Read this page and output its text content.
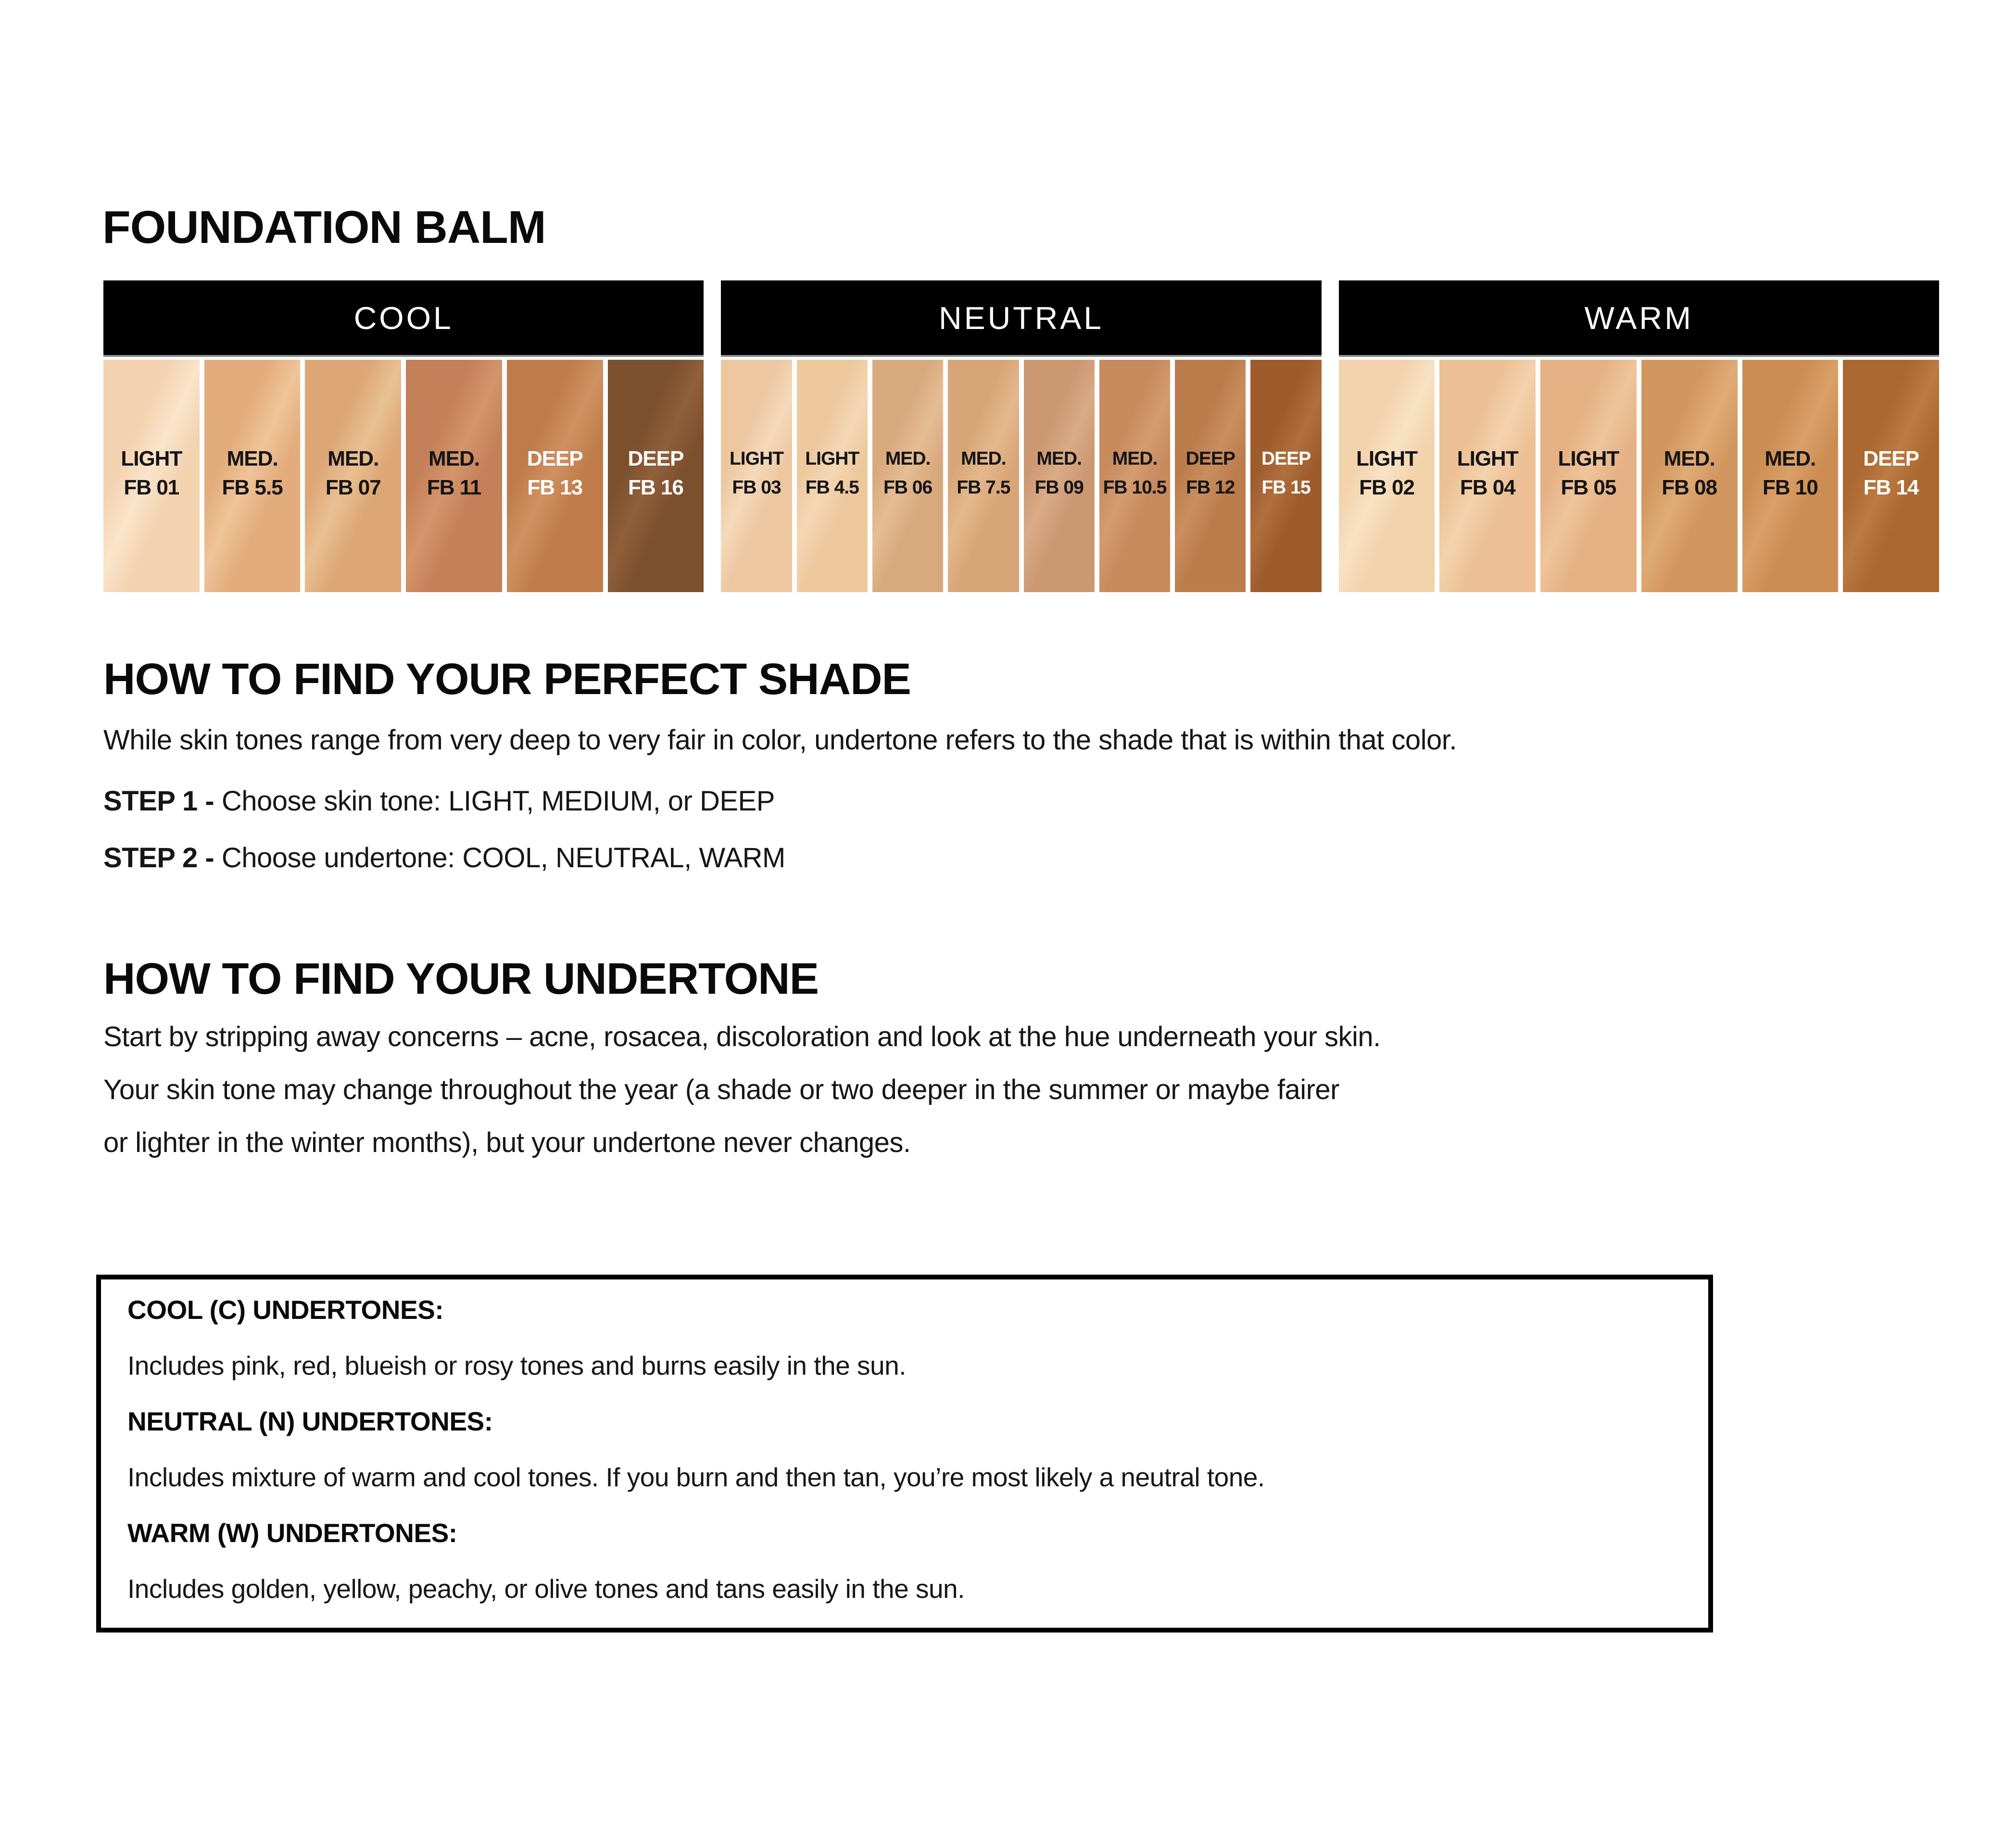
FOUNDATION BALM
COOL
LIGHT
FB 01
MED.
FB 5.5
MED.
FB 07
MED.
FB 11
DEEP
FB 13
DEEP
FB 16
NEUTRAL
LIGHT
FB 03
LIGHT
FB 4.5
MED.
FB 06
MED.
FB 7.5
MED.
FB 09
MED.
FB 10.5
DEEP
FB 12
DEEP
FB 15
WARM
LIGHT
FB 02
LIGHT
FB 04
LIGHT
FB 05
MED.
FB 08
MED.
FB 10
DEEP
FB 14
HOW TO FIND YOUR PERFECT SHADE

While skin tones range from very deep to very fair in color, undertone refers to the shade that is within that color.

STEP 1 - Choose skin tone: LIGHT, MEDIUM, or DEEP

STEP 2 - Choose undertone: COOL, NEUTRAL, WARM

HOW TO FIND YOUR UNDERTONE

Start by stripping away concerns – acne, rosacea, discoloration and look at the hue underneath your skin.

Your skin tone may change throughout the year (a shade or two deeper in the summer or maybe fairer

or lighter in the winter months), but your undertone never changes.

COOL (C) UNDERTONES:

Includes pink, red, blueish or rosy tones and burns easily in the sun.

NEUTRAL (N) UNDERTONES:

Includes mixture of warm and cool tones. If you burn and then tan, you’re most likely a neutral tone.

WARM (W) UNDERTONES:

Includes golden, yellow, peachy, or olive tones and tans easily in the sun.
